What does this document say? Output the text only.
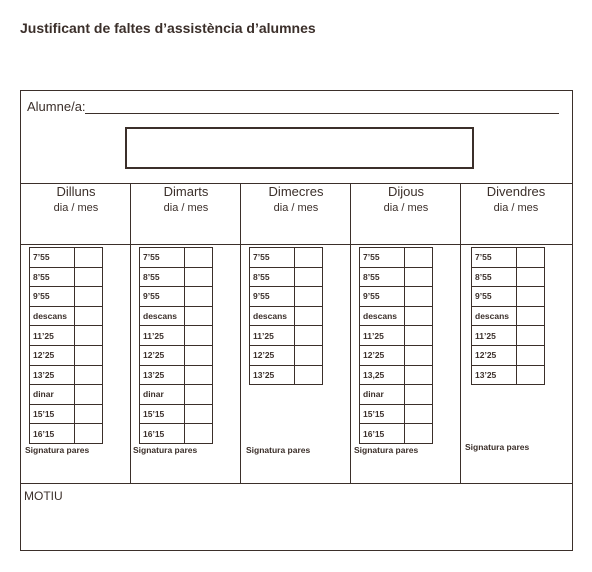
Justificant de faltes d’assistència d’alumnes
Alumne/a:
Dilluns
dia / mes
7’55	
8’55	
9’55	
descans	
11’25	
12’25	
13’25	
dinar	
15’15	
16’15	
Signatura pares
Dimarts
dia / mes
7’55	
8’55	
9’55	
descans	
11’25	
12’25	
13’25	
dinar	
15’15	
16’15	
Signatura pares
Dimecres
dia / mes
7’55	
8’55	
9’55	
descans	
11’25	
12’25	
13’25	
Signatura pares
Dijous
dia / mes
7’55	
8’55	
9’55	
descans	
11’25	
12’25	
13,25	
dinar	
15’15	
16’15	
Signatura pares
Divendres
dia / mes
7’55	
8’55	
9’55	
descans	
11’25	
12’25	
13’25	
Signatura pares
MOTIU
